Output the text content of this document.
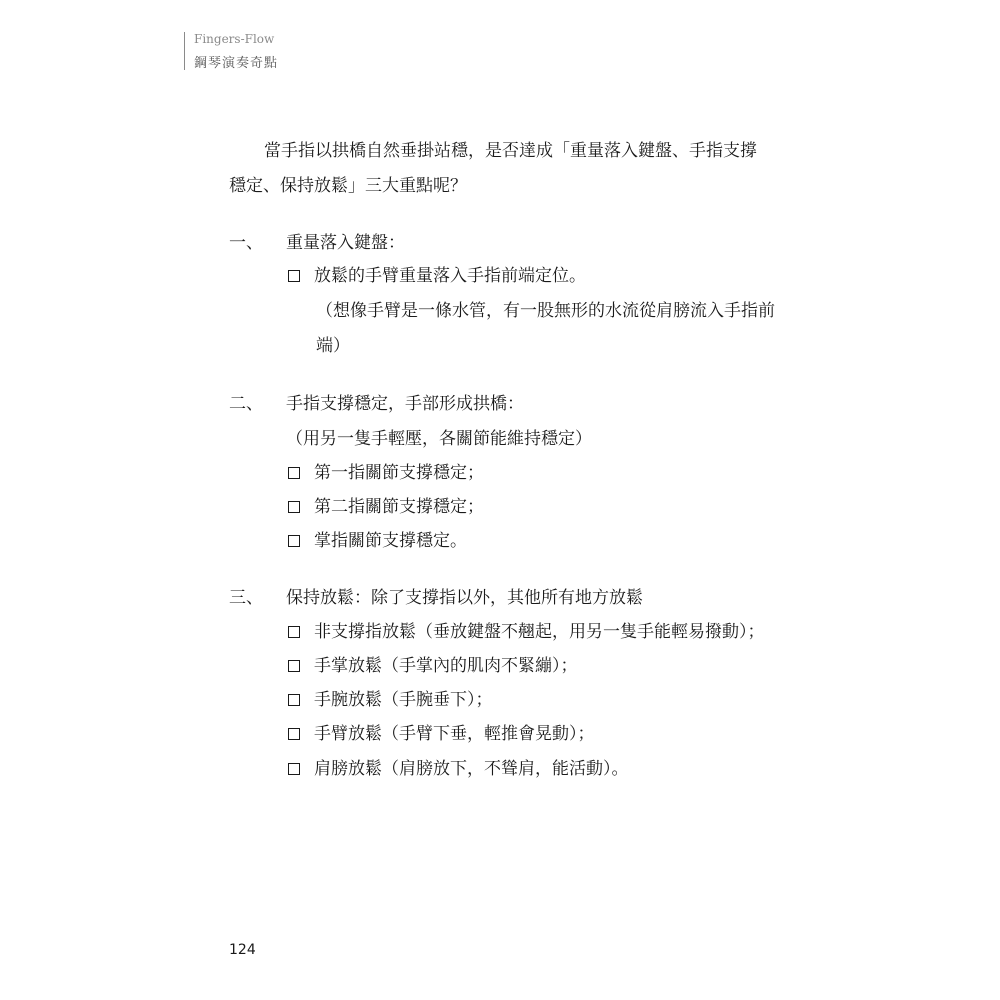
Fingers-Flow
鋼琴演奏奇點
當手指以拱橋自然垂掛站穩，是否達成「重量落入鍵盤、手指支撐
穩定、保持放鬆」三大重點呢？
一、 重量落入鍵盤：
放鬆的手臂重量落入手指前端定位。
（想像手臂是一條水管，有一股無形的水流從肩膀流入手指前
端）
二、 手指支撐穩定，手部形成拱橋：
（用另一隻手輕壓，各關節能維持穩定）
第一指關節支撐穩定；
第二指關節支撐穩定；
掌指關節支撐穩定。
三、 保持放鬆：除了支撐指以外，其他所有地方放鬆
非支撐指放鬆（垂放鍵盤不翹起，用另一隻手能輕易撥動）；
手掌放鬆（手掌內的肌肉不緊繃）；
手腕放鬆（手腕垂下）；
手臂放鬆（手臂下垂，輕推會晃動）；
肩膀放鬆（肩膀放下，不聳肩，能活動）。
124
